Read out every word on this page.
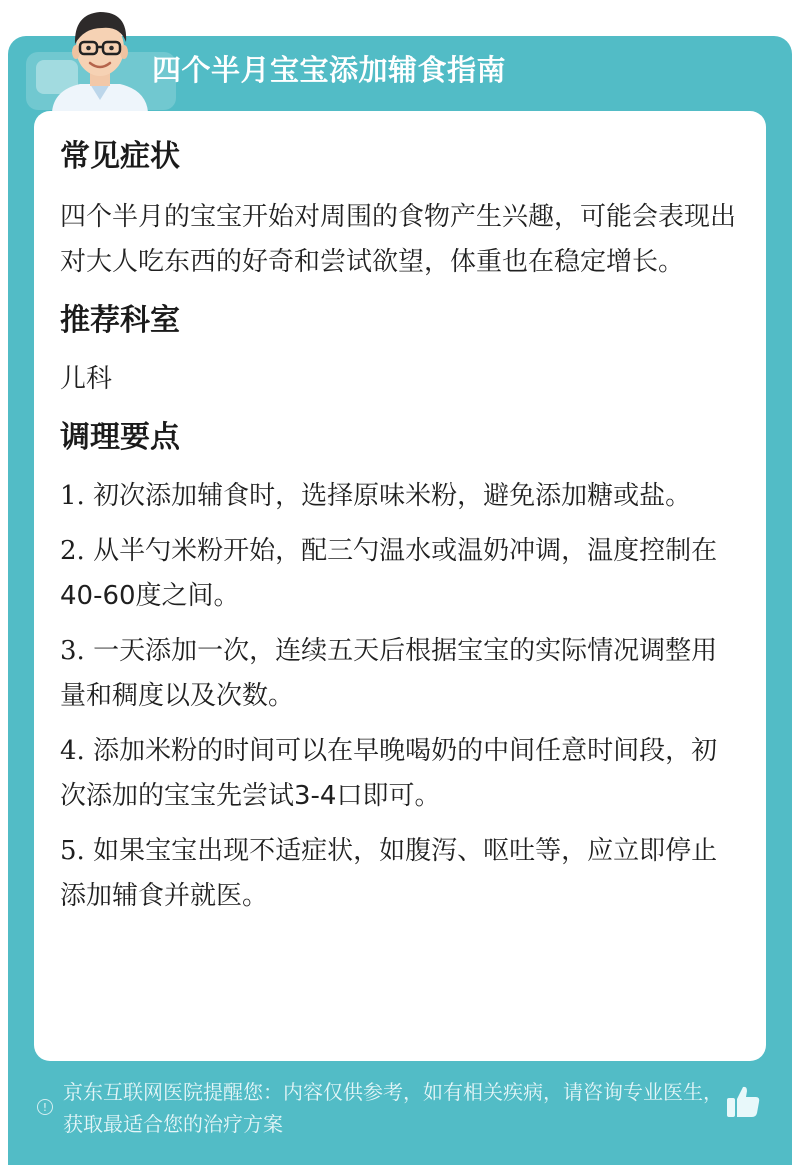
四个半月宝宝添加辅食指南
常见症状

四个半月的宝宝开始对周围的食物产生兴趣，可能会表现出对大人吃东西的好奇和尝试欲望，体重也在稳定增长。

推荐科室

儿科

调理要点
1. 初次添加辅食时，选择原味米粉，避免添加糖或盐。
2. 从半勺米粉开始，配三勺温水或温奶冲调，温度控制在40-60度之间。
3. 一天添加一次，连续五天后根据宝宝的实际情况调整用量和稠度以及次数。
4. 添加米粉的时间可以在早晚喝奶的中间任意时间段，初次添加的宝宝先尝试3-4口即可。
5. 如果宝宝出现不适症状，如腹泻、呕吐等，应立即停止添加辅食并就医。
!
京东互联网医院提醒您：内容仅供参考，如有相关疾病，请咨询专业医生，获取最适合您的治疗方案
